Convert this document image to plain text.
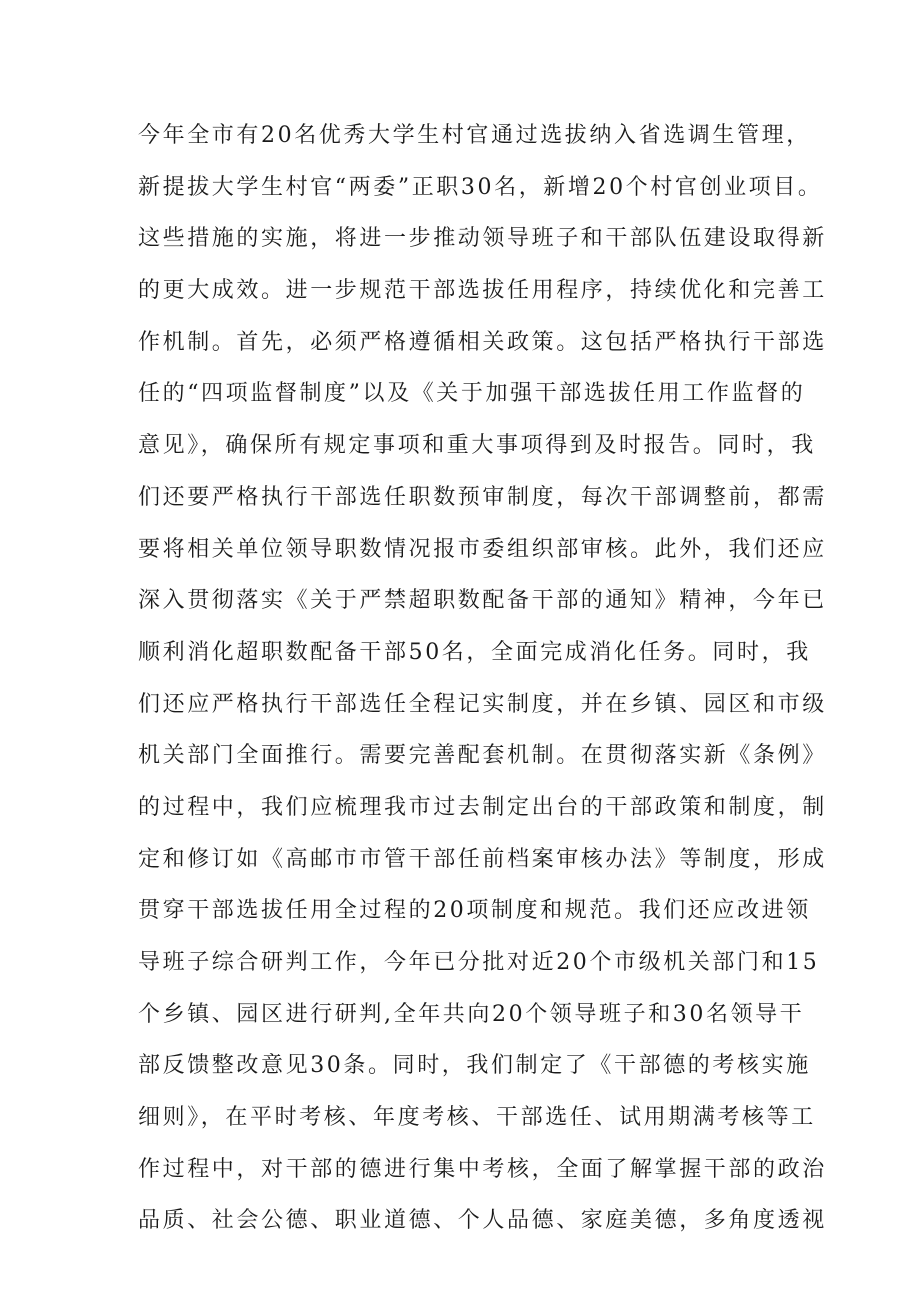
今年全市有20名优秀大学生村官通过选拔纳入省选调生管理，
新提拔大学生村官“两委”正职30名，新增20个村官创业项目。
这些措施的实施，将进一步推动领导班子和干部队伍建设取得新
的更大成效。进一步规范干部选拔任用程序，持续优化和完善工
作机制。首先，必须严格遵循相关政策。这包括严格执行干部选
任的“四项监督制度”以及《关于加强干部选拔任用工作监督的
意见》，确保所有规定事项和重大事项得到及时报告。同时，我
们还要严格执行干部选任职数预审制度，每次干部调整前，都需
要将相关单位领导职数情况报市委组织部审核。此外，我们还应
深入贯彻落实《关于严禁超职数配备干部的通知》精神，今年已
顺利消化超职数配备干部50名，全面完成消化任务。同时，我
们还应严格执行干部选任全程记实制度，并在乡镇、园区和市级
机关部门全面推行。需要完善配套机制。在贯彻落实新《条例》
的过程中，我们应梳理我市过去制定出台的干部政策和制度，制
定和修订如《高邮市市管干部任前档案审核办法》等制度，形成
贯穿干部选拔任用全过程的20项制度和规范。我们还应改进领
导班子综合研判工作，今年已分批对近20个市级机关部门和15
个乡镇、园区进行研判,全年共向20个领导班子和30名领导干
部反馈整改意见30条。同时，我们制定了《干部德的考核实施
细则》，在平时考核、年度考核、干部选任、试用期满考核等工
作过程中，对干部的德进行集中考核，全面了解掌握干部的政治
品质、社会公德、职业道德、个人品德、家庭美德，多角度透视
